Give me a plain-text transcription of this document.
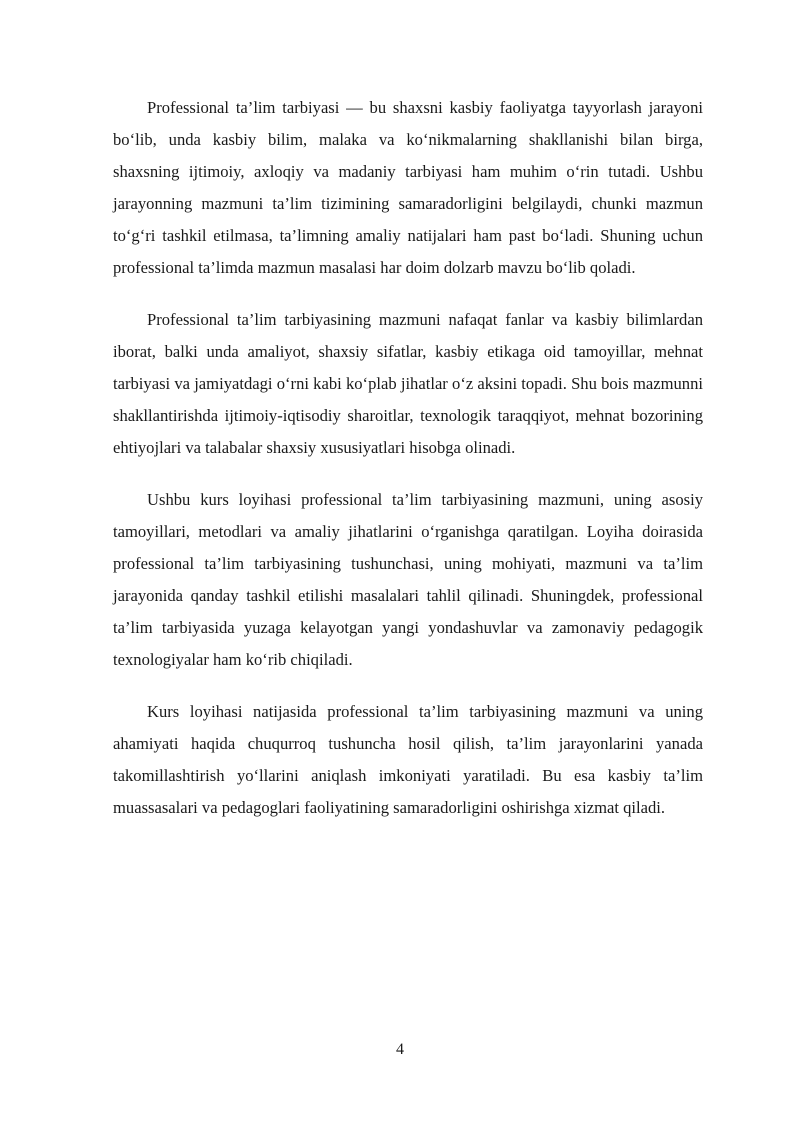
Professional ta’lim tarbiyasi — bu shaxsni kasbiy faoliyatga tayyorlash jarayoni bo‘lib, unda kasbiy bilim, malaka va ko‘nikmalarning shakllanishi bilan birga, shaxsning ijtimoiy, axloqiy va madaniy tarbiyasi ham muhim o‘rin tutadi. Ushbu jarayonning mazmuni ta’lim tizimining samaradorligini belgilaydi, chunki mazmun to‘g‘ri tashkil etilmasa, ta’limning amaliy natijalari ham past bo‘ladi. Shuning uchun professional ta’limda mazmun masalasi har doim dolzarb mavzu bo‘lib qoladi.

Professional ta’lim tarbiyasining mazmuni nafaqat fanlar va kasbiy bilimlardan iborat, balki unda amaliyot, shaxsiy sifatlar, kasbiy etikaga oid tamoyillar, mehnat tarbiyasi va jamiyatdagi o‘rni kabi ko‘plab jihatlar o‘z aksini topadi. Shu bois mazmunni shakllantirishda ijtimoiy-iqtisodiy sharoitlar, texnologik taraqqiyot, mehnat bozorining ehtiyojlari va talabalar shaxsiy xususiyatlari hisobga olinadi.

Ushbu kurs loyihasi professional ta’lim tarbiyasining mazmuni, uning asosiy tamoyillari, metodlari va amaliy jihatlarini o‘rganishga qaratilgan. Loyiha doirasida professional ta’lim tarbiyasining tushunchasi, uning mohiyati, mazmuni va ta’lim jarayonida qanday tashkil etilishi masalalari tahlil qilinadi. Shuningdek, professional ta’lim tarbiyasida yuzaga kelayotgan yangi yondashuvlar va zamonaviy pedagogik texnologiyalar ham ko‘rib chiqiladi.

Kurs loyihasi natijasida professional ta’lim tarbiyasining mazmuni va uning ahamiyati haqida chuqurroq tushuncha hosil qilish, ta’lim jarayonlarini yanada takomillashtirish yo‘llarini aniqlash imkoniyati yaratiladi. Bu esa kasbiy ta’lim muassasalari va pedagoglari faoliyatining samaradorligini oshirishga xizmat qiladi.

4
